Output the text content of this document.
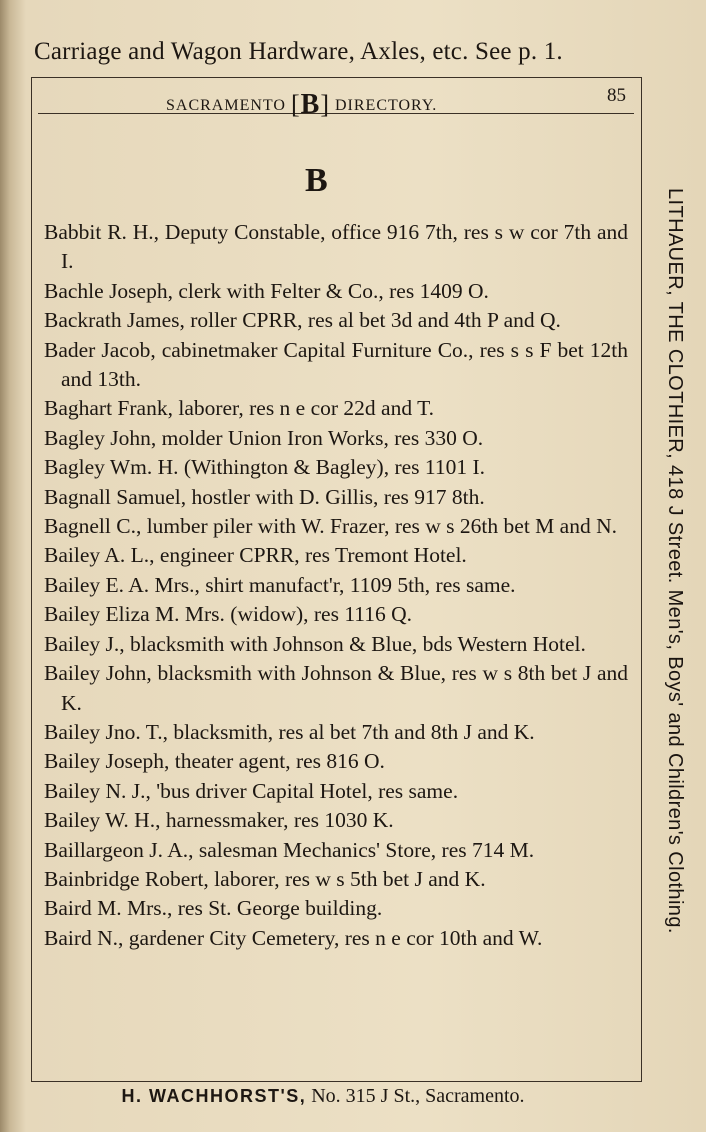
Carriage and Wagon Hardware, Axles, etc. See p. 1.
SACRAMENTO [B] DIRECTORY.	85
B
Babbit R. H., Deputy Constable, office 916 7th, res s w cor 7th and I.
Bachle Joseph, clerk with Felter & Co., res 1409 O.
Backrath James, roller CPRR, res al bet 3d and 4th P and Q.
Bader Jacob, cabinetmaker Capital Furniture Co., res s s F bet 12th and 13th.
Baghart Frank, laborer, res n e cor 22d and T.
Bagley John, molder Union Iron Works, res 330 O.
Bagley Wm. H. (Withington & Bagley), res 1101 I.
Bagnall Samuel, hostler with D. Gillis, res 917 8th.
Bagnell C., lumber piler with W. Frazer, res w s 26th bet M and N.
Bailey A. L., engineer CPRR, res Tremont Hotel.
Bailey E. A. Mrs., shirt manufact'r, 1109 5th, res same.
Bailey Eliza M. Mrs. (widow), res 1116 Q.
Bailey J., blacksmith with Johnson & Blue, bds Western Hotel.
Bailey John, blacksmith with Johnson & Blue, res w s 8th bet J and K.
Bailey Jno. T., blacksmith, res al bet 7th and 8th J and K.
Bailey Joseph, theater agent, res 816 O.
Bailey N. J., 'bus driver Capital Hotel, res same.
Bailey W. H., harnessmaker, res 1030 K.
Baillargeon J. A., salesman Mechanics' Store, res 714 M.
Bainbridge Robert, laborer, res w s 5th bet J and K.
Baird M. Mrs., res St. George building.
Baird N., gardener City Cemetery, res n e cor 10th and W.
LITHAUER, THE CLOTHIER, 418 J Street. Men's, Boys' and Children's Clothing.
H. WACHHORST'S, No. 315 J St., Sacramento.
